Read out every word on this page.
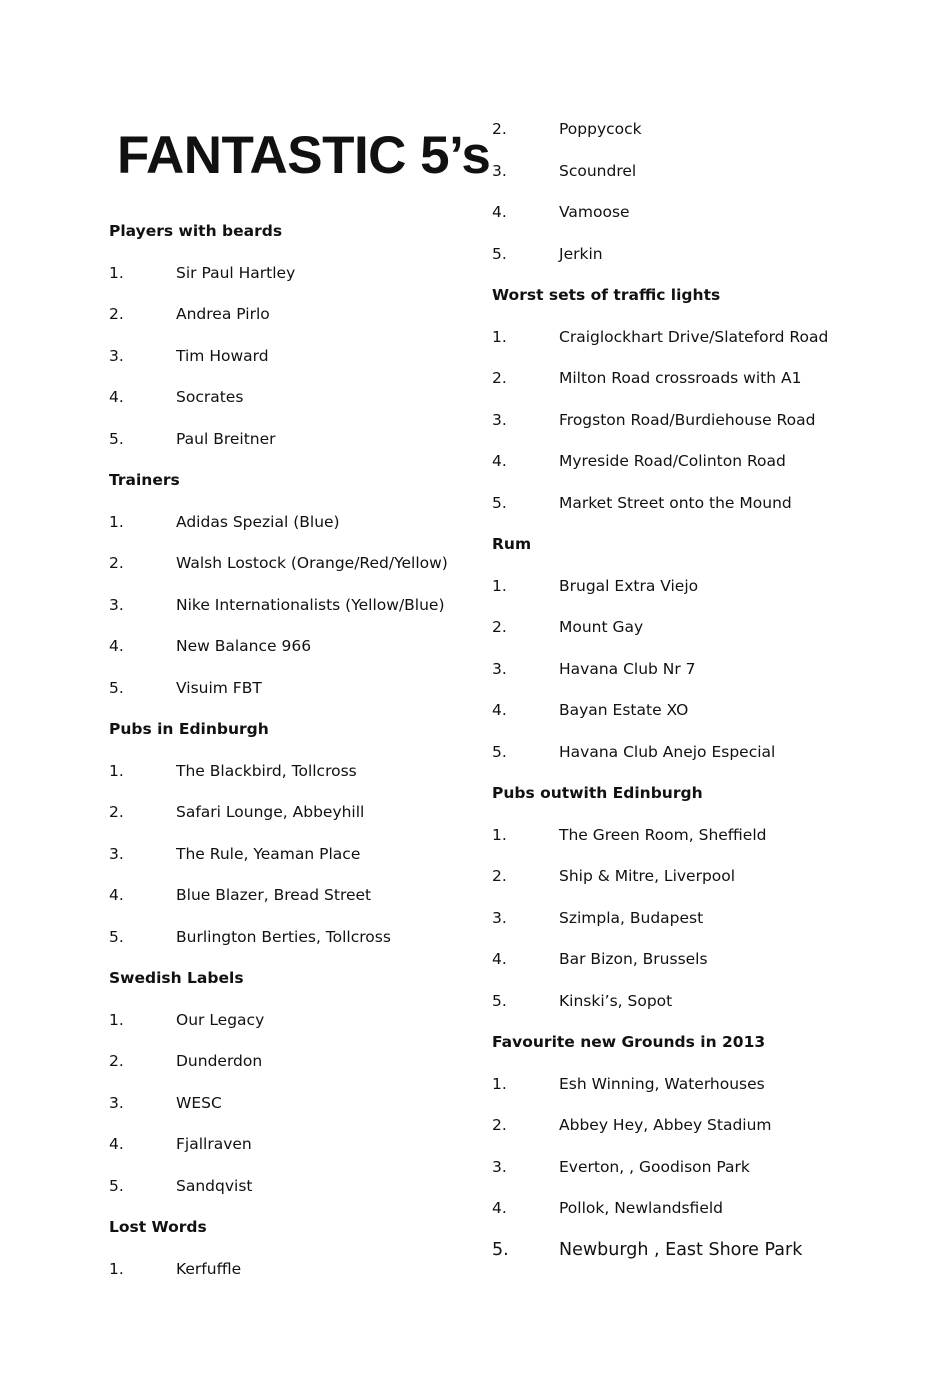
FANTASTIC 5’s
Players with beards
1.	Sir Paul Hartley
2.	Andrea Pirlo
3.	Tim Howard
4.	Socrates
5.	Paul Breitner
Trainers
1.	Adidas Spezial (Blue)
2.	Walsh Lostock (Orange/Red/Yellow)
3.	Nike Internationalists (Yellow/Blue)
4.	New Balance 966
5.	Visuim FBT
Pubs in Edinburgh
1.	The Blackbird, Tollcross
2.	Safari Lounge, Abbeyhill
3.	The Rule, Yeaman Place
4.	Blue Blazer, Bread Street
5.	Burlington Berties, Tollcross
Swedish Labels
1.	Our Legacy
2.	Dunderdon
3.	WESC
4.	Fjallraven
5.	Sandqvist
Lost Words
1.	Kerfuffle
2.	Poppycock
3.	Scoundrel
4.	Vamoose
5.	Jerkin
Worst sets of traffic lights
1.	Craiglockhart Drive/Slateford Road
2.	Milton Road crossroads with A1
3.	Frogston Road/Burdiehouse Road
4.	Myreside Road/Colinton Road
5.	Market Street onto the Mound
Rum
1.	Brugal Extra Viejo
2.	Mount Gay
3.	Havana Club Nr 7
4.	Bayan Estate XO
5.	Havana Club Anejo Especial
Pubs outwith Edinburgh
1.	The Green Room, Sheffield
2.	Ship & Mitre, Liverpool
3.	Szimpla, Budapest
4.	Bar Bizon, Brussels
5.	Kinski’s, Sopot
Favourite new Grounds in 2013
1.	Esh Winning, Waterhouses
2.	Abbey Hey, Abbey Stadium
3.	Everton, , Goodison Park
4.	Pollok, Newlandsfield
5.	Newburgh , East Shore Park
